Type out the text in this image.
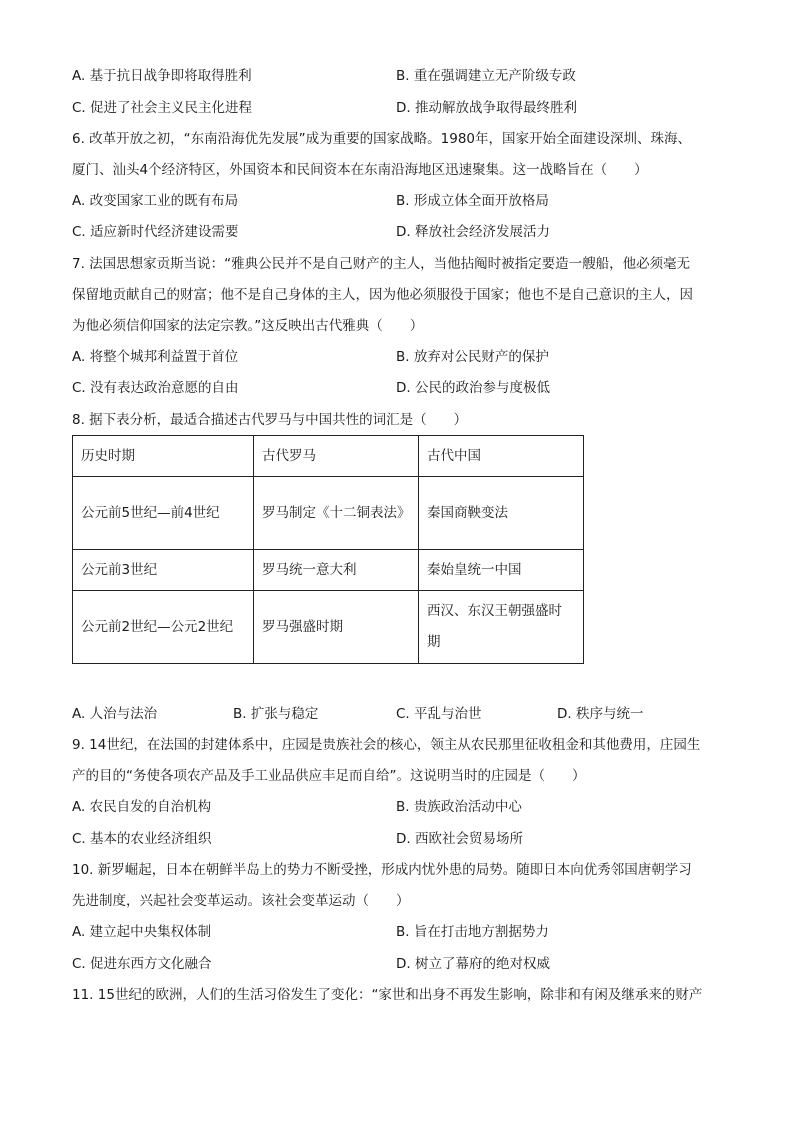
A. 基于抗日战争即将取得胜利	B. 重在强调建立无产阶级专政
C. 促进了社会主义民主化进程	D. 推动解放战争取得最终胜利
6. 改革开放之初，“东南沿海优先发展”成为重要的国家战略。1980年，国家开始全面建设深圳、珠海、
厦门、汕头4个经济特区，外国资本和民间资本在东南沿海地区迅速聚集。这一战略旨在（　　）
A. 改变国家工业的既有布局	B. 形成立体全面开放格局
C. 适应新时代经济建设需要	D. 释放社会经济发展活力
7. 法国思想家贡斯当说：“雅典公民并不是自己财产的主人，当他拈阄时被指定要造一艘船，他必须毫无
保留地贡献自己的财富；他不是自己身体的主人，因为他必须服役于国家；他也不是自己意识的主人，因
为他必须信仰国家的法定宗教。”这反映出古代雅典（　　）
A. 将整个城邦利益置于首位	B. 放弃对公民财产的保护
C. 没有表达政治意愿的自由	D. 公民的政治参与度极低
8. 据下表分析，最适合描述古代罗马与中国共性的词汇是（　　）
历史时期	古代罗马	古代中国
公元前5世纪—前4世纪	罗马制定《十二铜表法》	秦国商鞅变法
公元前3世纪	罗马统一意大利	秦始皇统一中国
公元前2世纪—公元2世纪	罗马强盛时期	西汉、东汉王朝强盛时期
A. 人治与法治	B. 扩张与稳定	C. 平乱与治世	D. 秩序与统一
9. 14世纪，在法国的封建体系中，庄园是贵族社会的核心，领主从农民那里征收租金和其他费用，庄园生
产的目的“务使各项农产品及手工业品供应丰足而自给”。这说明当时的庄园是（　　）
A. 农民自发的自治机构	B. 贵族政治活动中心
C. 基本的农业经济组织	D. 西欧社会贸易场所
10. 新罗崛起，日本在朝鲜半岛上的势力不断受挫，形成内忧外患的局势。随即日本向优秀邻国唐朝学习
先进制度，兴起社会变革运动。该社会变革运动（　　）
A. 建立起中央集权体制	B. 旨在打击地方割据势力
C. 促进东西方文化融合	D. 树立了幕府的绝对权威
11. 15世纪的欧洲，人们的生活习俗发生了变化：“家世和出身不再发生影响，除非和有闲及继承来的财产
